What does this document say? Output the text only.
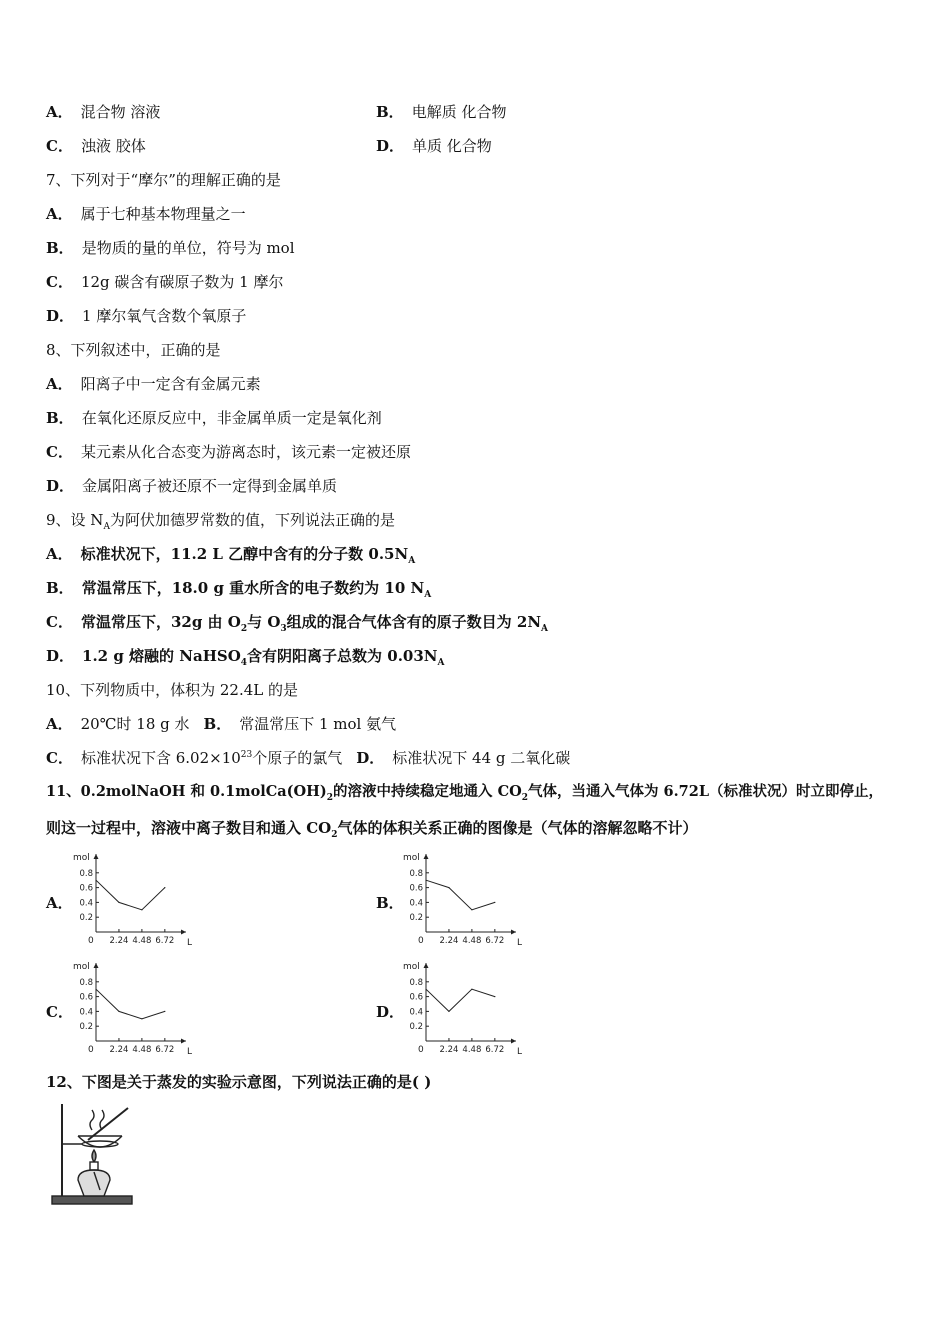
A． 混合物 溶液	B． 电解质 化合物
C． 浊液 胶体	D． 单质 化合物
7、下列对于“摩尔”的理解正确的是
A． 属于七种基本物理量之一
B． 是物质的量的单位，符号为 mol
C． 12g 碳含有碳原子数为 1 摩尔
D． 1 摩尔氧气含数个氧原子
8、下列叙述中，正确的是
A． 阳离子中一定含有金属元素
B． 在氧化还原反应中，非金属单质一定是氧化剂
C． 某元素从化合态变为游离态时，该元素一定被还原
D． 金属阳离子被还原不一定得到金属单质
9、设 $N_A$为阿伏加德罗常数的值，下列说法正确的是
A． 标准状况下，11.2 L 乙醇中含有的分子数 $0.5N_A$
B． 常温常压下，18.0 g 重水所含的电子数约为 10 $N_A$
C． 常温常压下，32g 由 $O_2$与 $O_3$组成的混合气体含有的原子数目为 $2N_A$
D． 1.2 g 熔融的 NaHSO$_4$含有阴阳离子总数为 $0.03N_A$
10、下列物质中，体积为 22.4L 的是
A． 20℃时 18 g 水 B． 常温常压下 1 mol 氨气
C． 标准状况下含 $6.02\times 10^{23}$个原子的氯气 D． 标准状况下 44 g 二氧化碳
11、0.2molNaOH 和 $0.1molCa(OH)_2$的溶液中持续稳定地通入 $CO_2$气体，当通入气体为 6.72L（标准状况）时立即停止，
则这一过程中，溶液中离子数目和通入 $CO_2$气体的体积关系正确的图像是（气体的溶解忽略不计）
A．	B．
C．	D．
mol
L
0
0.8
0.6
0.4
0.2
2.24 4.48 6.72
mol
L
0
0.8
0.6
0.4
0.2
2.24 4.48 6.72
mol
L
0
0.8
0.6
0.4
0.2
2.24 4.48 6.72
mol
L
0
0.8
0.6
0.4
0.2
2.24 4.48 6.72
12、下图是关于蒸发的实验示意图，下列说法正确的是( )
